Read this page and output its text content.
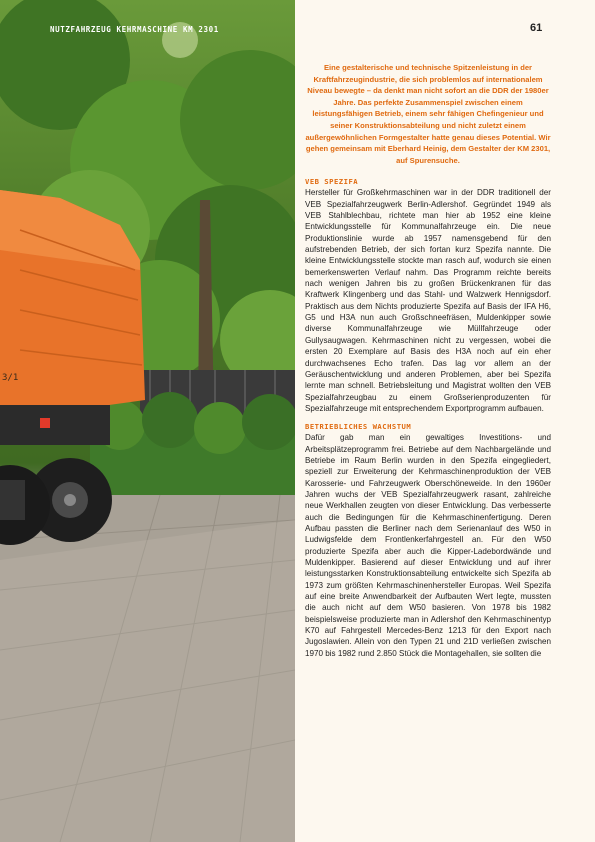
3/1
NUTZFAHRZEUG KEHRMASCHINE KM 2301	61

Eine gestalterische und technische Spitzenleistung in der Kraftfahrzeugindustrie, die sich problemlos auf internationalem Niveau bewegte – da denkt man nicht sofort an die DDR der 1980er Jahre. Das perfekte Zusammenspiel zwischen einem leistungsfähigen Betrieb, einem sehr fähigen Chefingenieur und seiner Konstruktionsabteilung und nicht zuletzt einem außergewöhnlichen Formgestalter hatte genau dieses Potential. Wir gehen gemeinsam mit Eberhard Heinig, dem Gestalter der KM 2301, auf Spurensuche.

VEB SPEZIFA

Hersteller für Großkehrmaschinen war in der DDR traditionell der VEB Spezialfahrzeugwerk Berlin-Adlershof. Gegründet 1949 als VEB Stahlblechbau, richtete man hier ab 1952 eine kleine Entwicklungsstelle für Kommunalfahrzeuge ein. Die neue Produktionslinie wurde ab 1957 namensgebend für den aufstrebenden Betrieb, der sich fortan kurz Spezifa nannte. Die kleine Entwicklungsstelle stockte man rasch auf, wodurch sie einen bemerkenswerten Verlauf nahm. Das Programm reichte bereits nach wenigen Jahren bis zu großen Brückenkranen für das Kraftwerk Klingenberg und das Stahl- und Walzwerk Hennigsdorf. Praktisch aus dem Nichts produzierte Spezifa auf Basis der IFA H6, G5 und H3A nun auch Großschneefräsen, Muldenkipper sowie diverse Kommunalfahrzeuge wie Müllfahrzeuge oder Gullysaugwagen. Kehrmaschinen nicht zu vergessen, wobei die ersten 20 Exemplare auf Basis des H3A noch auf ein eher durchwachsenes Echo trafen. Das lag vor allem an der Geräuschentwicklung und anderen Problemen, aber bei Spezifa lernte man schnell. Betriebsleitung und Magistrat wollten den VEB Spezialfahrzeugbau zu einem Großserienproduzenten für Spezialfahrzeuge mit entsprechendem Exportprogramm aufbauen.

BETRIEBLICHES WACHSTUM

Dafür gab man ein gewaltiges Investitions- und Arbeitsplätzeprogramm frei. Betriebe auf dem Nachbargelände und Betriebe im Raum Berlin wurden in den Spezifa eingegliedert, speziell zur Erweiterung der Kehrmaschinenproduktion der VEB Karosserie- und Fahrzeugwerk Oberschöneweide. In den 1960er Jahren wuchs der VEB Spezialfahrzeugwerk rasant, zahlreiche neue Werkhallen zeugten von dieser Entwicklung. Das verbesserte auch die Bedingungen für die Kehrmaschinenfertigung. Deren Aufbau passten die Berliner nach dem Serienanlauf des W50 in Ludwigsfelde dem Frontlenkerfahrgestell an. Für den W50 produzierte Spezifa aber auch die Kipper-Ladebordwände und Muldenkipper. Basierend auf dieser Entwicklung und auf ihrer leistungsstarken Konstruktionsabteilung entwickelte sich Spezifa ab 1973 zum größten Kehrmaschinenhersteller Europas. Weil Spezifa auf eine breite Anwendbarkeit der Aufbauten Wert legte, mussten die auch nicht auf dem W50 basieren. Von 1978 bis 1982 beispielsweise produzierte man in Adlershof den Kehrmaschinentyp K70 auf Fahrgestell Mercedes-Benz 1213 für den Export nach Jugoslawien. Allein von den Typen 21 und 21D verließen zwischen 1970 bis 1982 rund 2.850 Stück die Montagehallen, sie sollten die
